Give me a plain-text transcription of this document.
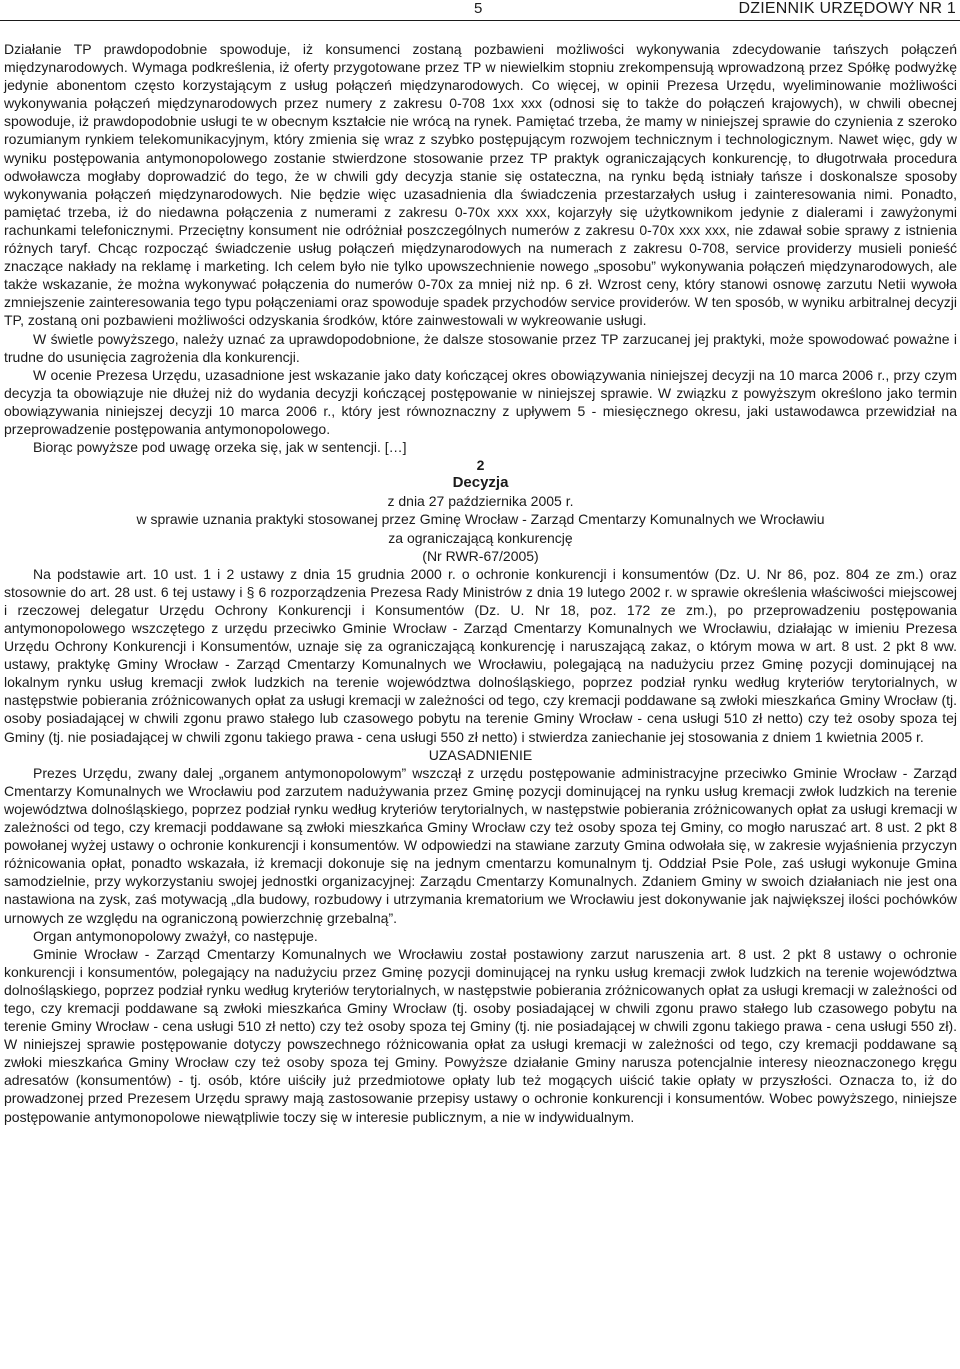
5	DZIENNIK URZĘDOWY NR 1

Działanie TP prawdopodobnie spowoduje, iż konsumenci zostaną pozbawieni możliwości wykonywania zdecydowanie tańszych połączeń międzynarodowych. Wymaga podkreślenia, iż oferty przygotowane przez TP w niewielkim stopniu zrekompensują wprowadzoną przez Spółkę podwyżkę jedynie abonentom często korzystającym z usług połączeń międzynarodowych. Co więcej, w opinii Prezesa Urzędu, wyeliminowanie możliwości wykonywania połączeń międzynarodowych przez numery z zakresu 0-708 1xx xxx (odnosi się to także do połączeń krajowych), w chwili obecnej spowoduje, iż prawdopodobnie usługi te w obecnym kształcie nie wrócą na rynek. Pamiętać trzeba, że mamy w niniejszej sprawie do czynienia z szeroko rozumianym rynkiem telekomunikacyjnym, który zmienia się wraz z szybko postępującym rozwojem technicznym i technologicznym. Nawet więc, gdy w wyniku postępowania antymonopolowego zostanie stwierdzone stosowanie przez TP praktyk ograniczających konkurencję, to długotrwała procedura odwoławcza mogłaby doprowadzić do tego, że w chwili gdy decyzja stanie się ostateczna, na rynku będą istniały tańsze i doskonalsze sposoby wykonywania połączeń międzynarodowych. Nie będzie więc uzasadnienia dla świadczenia przestarzałych usług i zainteresowania nimi. Ponadto, pamiętać trzeba, iż do niedawna połączenia z numerami z zakresu 0-70x xxx xxx, kojarzyły się użytkownikom jedynie z dialerami i zawyżonymi rachunkami telefonicznymi. Przeciętny konsument nie odróżniał poszczególnych numerów z zakresu 0-70x xxx xxx, nie zdawał sobie sprawy z istnienia różnych taryf. Chcąc rozpocząć świadczenie usług połączeń międzynarodowych na numerach z zakresu 0-708, service providerzy musieli ponieść znaczące nakłady na reklamę i marketing. Ich celem było nie tylko upowszechnienie nowego „sposobu” wykonywania połączeń międzynarodowych, ale także wskazanie, że można wykonywać połączenia do numerów 0-70x za mniej niż np. 6 zł. Wzrost ceny, który stanowi osnowę zarzutu Netii wywoła zmniejszenie zainteresowania tego typu połączeniami oraz spowoduje spadek przychodów service providerów. W ten sposób, w wyniku arbitralnej decyzji TP, zostaną oni pozbawieni możliwości odzyskania środków, które zainwestowali w wykreowanie usługi.

W świetle powyższego, należy uznać za uprawdopodobnione, że dalsze stosowanie przez TP zarzucanej jej praktyki, może spowodować poważne i trudne do usunięcia zagrożenia dla konkurencji.

W ocenie Prezesa Urzędu, uzasadnione jest wskazanie jako daty kończącej okres obowiązywania niniejszej decyzji na 10 marca 2006 r., przy czym decyzja ta obowiązuje nie dłużej niż do wydania decyzji kończącej postępowanie w niniejszej sprawie. W związku z powyższym określono jako termin obowiązywania niniejszej decyzji 10 marca 2006 r., który jest równoznaczny z upływem 5 - miesięcznego okresu, jaki ustawodawca przewidział na przeprowadzenie postępowania antymonopolowego.

Biorąc powyższe pod uwagę orzeka się, jak w sentencji. […]

2

Decyzja

z dnia 27 października 2005 r.

w sprawie uznania praktyki stosowanej przez Gminę Wrocław - Zarząd Cmentarzy Komunalnych we Wrocławiu

za ograniczającą konkurencję

(Nr RWR-67/2005)

Na podstawie art. 10 ust. 1 i 2 ustawy z dnia 15 grudnia 2000 r. o ochronie konkurencji i konsumentów (Dz. U. Nr 86, poz. 804 ze zm.) oraz stosownie do art. 28 ust. 6 tej ustawy i § 6 rozporządzenia Prezesa Rady Ministrów z dnia 19 lutego 2002 r. w sprawie określenia właściwości miejscowej i rzeczowej delegatur Urzędu Ochrony Konkurencji i Konsumentów (Dz. U. Nr 18, poz. 172 ze zm.), po przeprowadzeniu postępowania antymonopolowego wszczętego z urzędu przeciwko Gminie Wrocław - Zarząd Cmentarzy Komunalnych we Wrocławiu, działając w imieniu Prezesa Urzędu Ochrony Konkurencji i Konsumentów, uznaje się za ograniczającą konkurencję i naruszającą zakaz, o którym mowa w art. 8 ust. 2 pkt 8 ww. ustawy, praktykę Gminy Wrocław - Zarząd Cmentarzy Komunalnych we Wrocławiu, polegającą na nadużyciu przez Gminę pozycji dominującej na lokalnym rynku usług kremacji zwłok ludzkich na terenie województwa dolnośląskiego, poprzez podział rynku według kryteriów terytorialnych, w następstwie pobierania zróżnicowanych opłat za usługi kremacji w zależności od tego, czy kremacji poddawane są zwłoki mieszkańca Gminy Wrocław (tj. osoby posiadającej w chwili zgonu prawo stałego lub czasowego pobytu na terenie Gminy Wrocław - cena usługi 510 zł netto) czy też osoby spoza tej Gminy (tj. nie posiadającej w chwili zgonu takiego prawa - cena usługi 550 zł netto) i stwierdza zaniechanie jej stosowania z dniem 1 kwietnia 2005 r.

UZASADNIENIE

Prezes Urzędu, zwany dalej „organem antymonopolowym” wszczął z urzędu postępowanie administracyjne przeciwko Gminie Wrocław - Zarząd Cmentarzy Komunalnych we Wrocławiu pod zarzutem nadużywania przez Gminę pozycji dominującej na rynku usług kremacji zwłok ludzkich na terenie województwa dolnośląskiego, poprzez podział rynku według kryteriów terytorialnych, w następstwie pobierania zróżnicowanych opłat za usługi kremacji w zależności od tego, czy kremacji poddawane są zwłoki mieszkańca Gminy Wrocław czy też osoby spoza tej Gminy, co mogło naruszać art. 8 ust. 2 pkt 8 powołanej wyżej ustawy o ochronie konkurencji i konsumentów. W odpowiedzi na stawiane zarzuty Gmina odwołała się, w zakresie wyjaśnienia przyczyn różnicowania opłat, ponadto wskazała, iż kremacji dokonuje się na jednym cmentarzu komunalnym tj. Oddział Psie Pole, zaś usługi wykonuje Gmina samodzielnie, przy wykorzystaniu swojej jednostki organizacyjnej: Zarządu Cmentarzy Komunalnych. Zdaniem Gminy w swoich działaniach nie jest ona nastawiona na zysk, zaś motywacją „dla budowy, rozbudowy i utrzymania krematorium we Wrocławiu jest dokonywanie jak największej ilości pochówków urnowych ze względu na ograniczoną powierzchnię grzebalną”.

Organ antymonopolowy zważył, co następuje.

Gminie Wrocław - Zarząd Cmentarzy Komunalnych we Wrocławiu został postawiony zarzut naruszenia art. 8 ust. 2 pkt 8 ustawy o ochronie konkurencji i konsumentów, polegający na nadużyciu przez Gminę pozycji dominującej na rynku usług kremacji zwłok ludzkich na terenie województwa dolnośląskiego, poprzez podział rynku według kryteriów terytorialnych, w następstwie pobierania zróżnicowanych opłat za usługi kremacji w zależności od tego, czy kremacji poddawane są zwłoki mieszkańca Gminy Wrocław (tj. osoby posiadającej w chwili zgonu prawo stałego lub czasowego pobytu na terenie Gminy Wrocław - cena usługi 510 zł netto) czy też osoby spoza tej Gminy (tj. nie posiadającej w chwili zgonu takiego prawa - cena usługi 550 zł). W niniejszej sprawie postępowanie dotyczy powszechnego różnicowania opłat za usługi kremacji w zależności od tego, czy kremacji poddawane są zwłoki mieszkańca Gminy Wrocław czy też osoby spoza tej Gminy. Powyższe działanie Gminy narusza potencjalnie interesy nieoznaczonego kręgu adresatów (konsumentów) - tj. osób, które uiściły już przedmiotowe opłaty lub też mogących uiścić takie opłaty w przyszłości. Oznacza to, iż do prowadzonej przed Prezesem Urzędu sprawy mają zastosowanie przepisy ustawy o ochronie konkurencji i konsumentów. Wobec powyższego, niniejsze postępowanie antymonopolowe niewątpliwie toczy się w interesie publicznym, a nie w indywidualnym.
